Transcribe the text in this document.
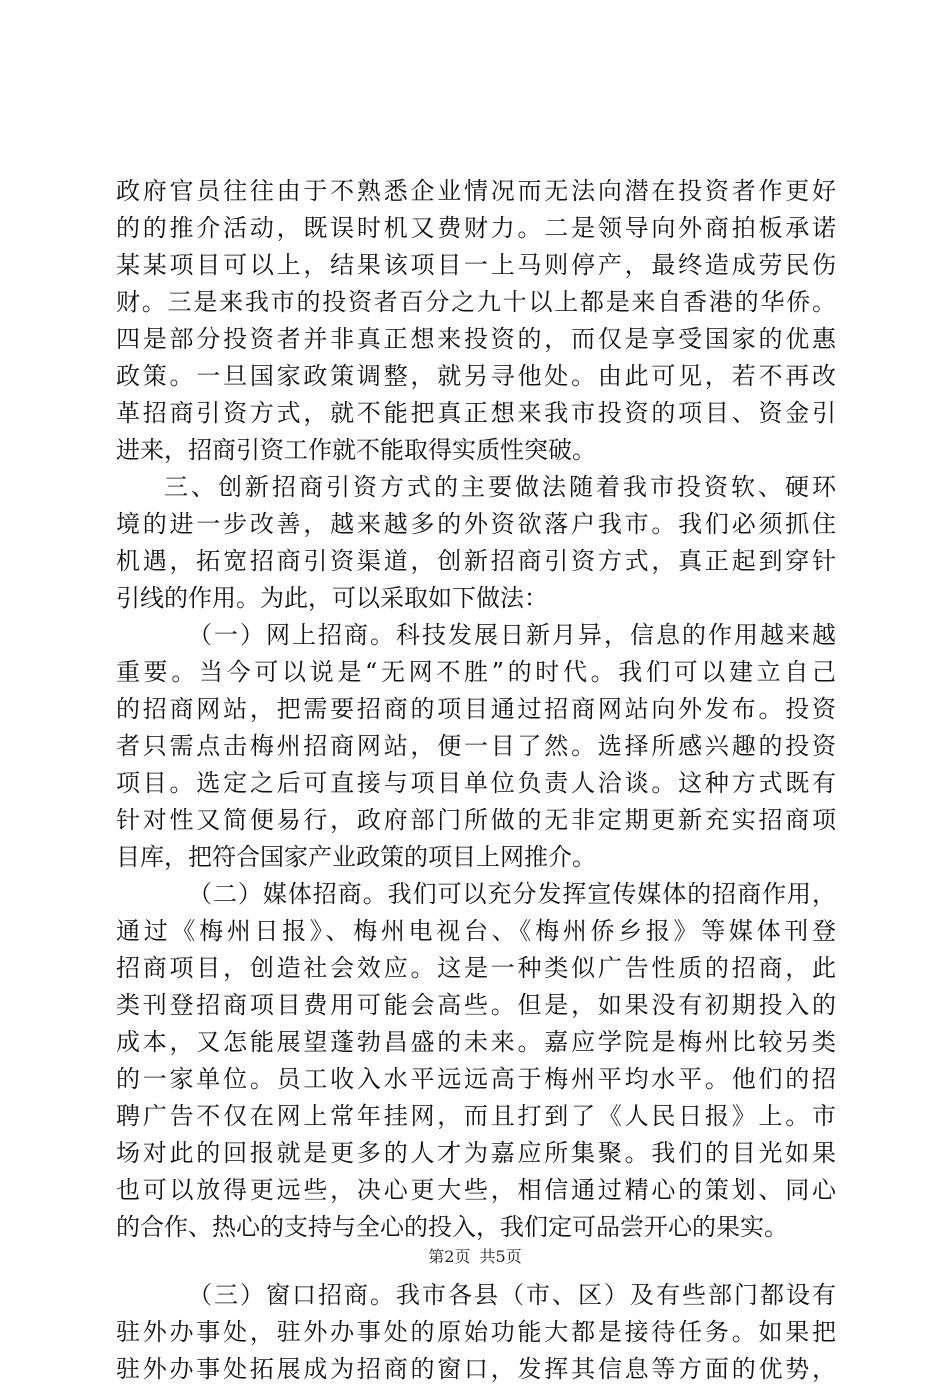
政府官员往往由于不熟悉企业情况而无法向潜在投资者作更好
的的推介活动，既误时机又费财力。二是领导向外商拍板承诺
某某项目可以上，结果该项目一上马则停产，最终造成劳民伤
财。三是来我市的投资者百分之九十以上都是来自香港的华侨。
四是部分投资者并非真正想来投资的，而仅是享受国家的优惠
政策。一旦国家政策调整，就另寻他处。由此可见，若不再改
革招商引资方式，就不能把真正想来我市投资的项目、资金引
进来，招商引资工作就不能取得实质性突破。
三、创新招商引资方式的主要做法随着我市投资软、硬环
境的进一步改善，越来越多的外资欲落户我市。我们必须抓住
机遇，拓宽招商引资渠道，创新招商引资方式，真正起到穿针
引线的作用。为此，可以采取如下做法：
（一）网上招商。科技发展日新月异，信息的作用越来越
重要。当今可以说是“无网不胜”的时代。我们可以建立自己
的招商网站，把需要招商的项目通过招商网站向外发布。投资
者只需点击梅州招商网站，便一目了然。选择所感兴趣的投资
项目。选定之后可直接与项目单位负责人洽谈。这种方式既有
针对性又简便易行，政府部门所做的无非定期更新充实招商项
目库，把符合国家产业政策的项目上网推介。
（二）媒体招商。我们可以充分发挥宣传媒体的招商作用，
通过《梅州日报》、梅州电视台、《梅州侨乡报》等媒体刊登
招商项目，创造社会效应。这是一种类似广告性质的招商，此
类刊登招商项目费用可能会高些。但是，如果没有初期投入的
成本，又怎能展望蓬勃昌盛的未来。嘉应学院是梅州比较另类
的一家单位。员工收入水平远远高于梅州平均水平。他们的招
聘广告不仅在网上常年挂网，而且打到了《人民日报》上。市
场对此的回报就是更多的人才为嘉应所集聚。我们的目光如果
也可以放得更远些，决心更大些，相信通过精心的策划、同心
的合作、热心的支持与全心的投入，我们定可品尝开心的果实。
（三）窗口招商。我市各县（市、区）及有些部门都设有
驻外办事处，驻外办事处的原始功能大都是接待任务。如果把
驻外办事处拓展成为招商的窗口，发挥其信息等方面的优势，
第2页 共5页
